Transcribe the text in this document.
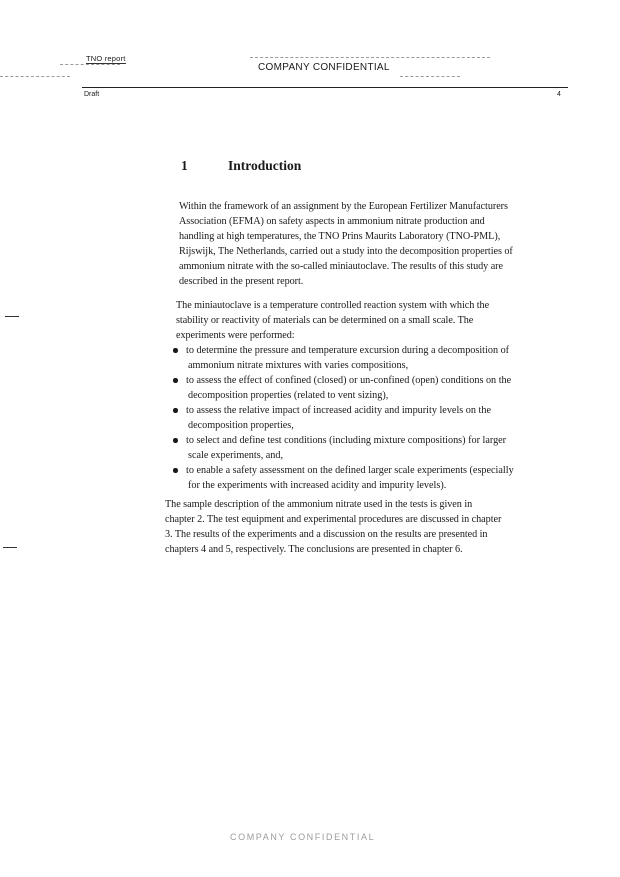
TNO report
COMPANY CONFIDENTIAL
Draft	4
1	Introduction

Within the framework of an assignment by the European Fertilizer Manufacturers

Association (EFMA) on safety aspects in ammonium nitrate production and

handling at high temperatures, the TNO Prins Maurits Laboratory (TNO-PML),

Rijswijk, The Netherlands, carried out a study into the decomposition properties of

ammonium nitrate with the so-called miniautoclave. The results of this study are

described in the present report.

The miniautoclave is a temperature controlled reaction system with which the

stability or reactivity of materials can be determined on a small scale. The

experiments were performed:

to determine the pressure and temperature excursion during a decomposition of

ammonium nitrate mixtures with varies compositions,

to assess the effect of confined (closed) or un-confined (open) conditions on the

decomposition properties (related to vent sizing),

to assess the relative impact of increased acidity and impurity levels on the

decomposition properties,

to select and define test conditions (including mixture compositions) for larger

scale experiments, and,

to enable a safety assessment on the defined larger scale experiments (especially

for the experiments with increased acidity and impurity levels).

The sample description of the ammonium nitrate used in the tests is given in

chapter 2. The test equipment and experimental procedures are discussed in chapter

3. The results of the experiments and a discussion on the results are presented in

chapters 4 and 5, respectively. The conclusions are presented in chapter 6.

COMPANY CONFIDENTIAL
